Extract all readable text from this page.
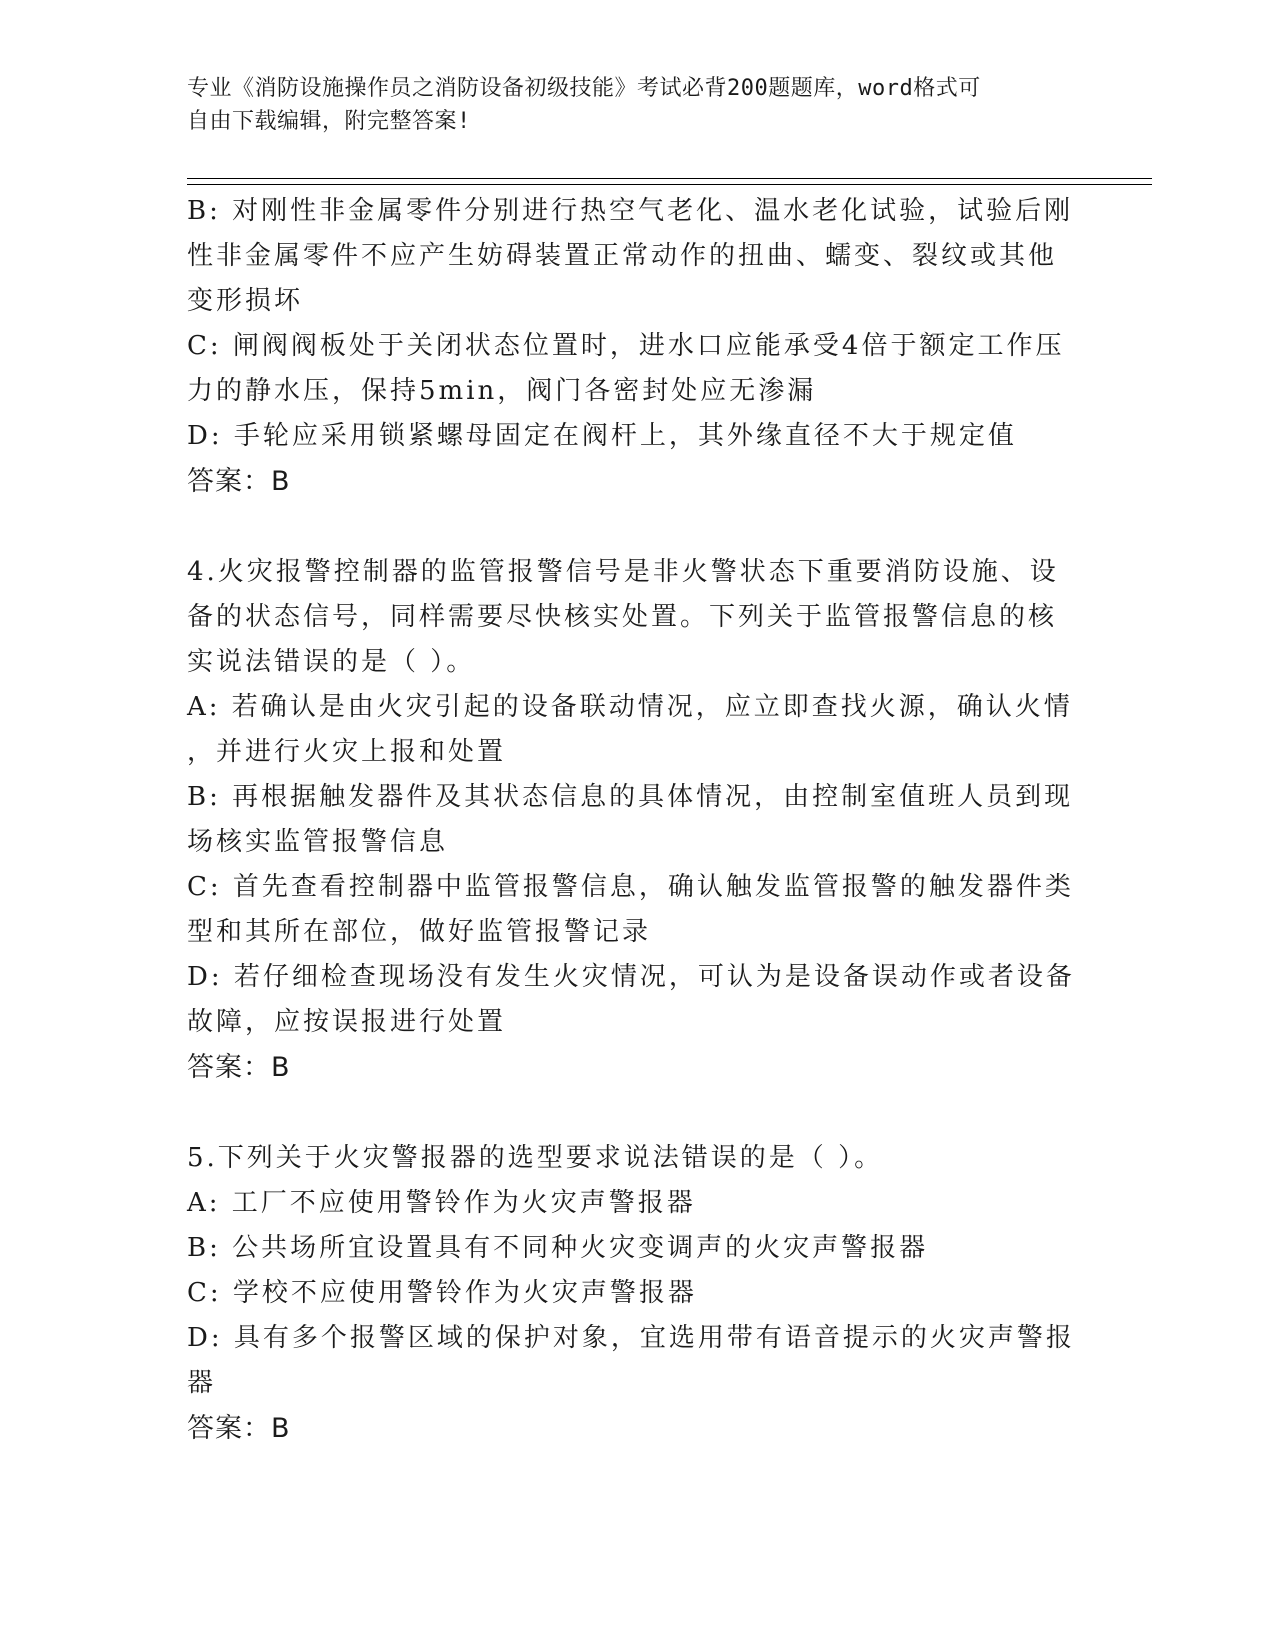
专业《消防设施操作员之消防设备初级技能》考试必背200题题库，word格式可
自由下载编辑，附完整答案!
B: 对刚性非金属零件分别进行热空气老化、温水老化试验，试验后刚
性非金属零件不应产生妨碍装置正常动作的扭曲、蠕变、裂纹或其他
变形损坏
C: 闸阀阀板处于关闭状态位置时，进水口应能承受4倍于额定工作压
力的静水压，保持5min，阀门各密封处应无渗漏
D: 手轮应采用锁紧螺母固定在阀杆上，其外缘直径不大于规定值
答案：B
4.火灾报警控制器的监管报警信号是非火警状态下重要消防设施、设
备的状态信号，同样需要尽快核实处置。下列关于监管报警信息的核
实说法错误的是（ ）。
A: 若确认是由火灾引起的设备联动情况，应立即查找火源，确认火情
，并进行火灾上报和处置
B: 再根据触发器件及其状态信息的具体情况，由控制室值班人员到现
场核实监管报警信息
C: 首先查看控制器中监管报警信息，确认触发监管报警的触发器件类
型和其所在部位，做好监管报警记录
D: 若仔细检查现场没有发生火灾情况，可认为是设备误动作或者设备
故障，应按误报进行处置
答案：B
5.下列关于火灾警报器的选型要求说法错误的是（ ）。
A: 工厂不应使用警铃作为火灾声警报器
B: 公共场所宜设置具有不同种火灾变调声的火灾声警报器
C: 学校不应使用警铃作为火灾声警报器
D: 具有多个报警区域的保护对象，宜选用带有语音提示的火灾声警报
器
答案：B
